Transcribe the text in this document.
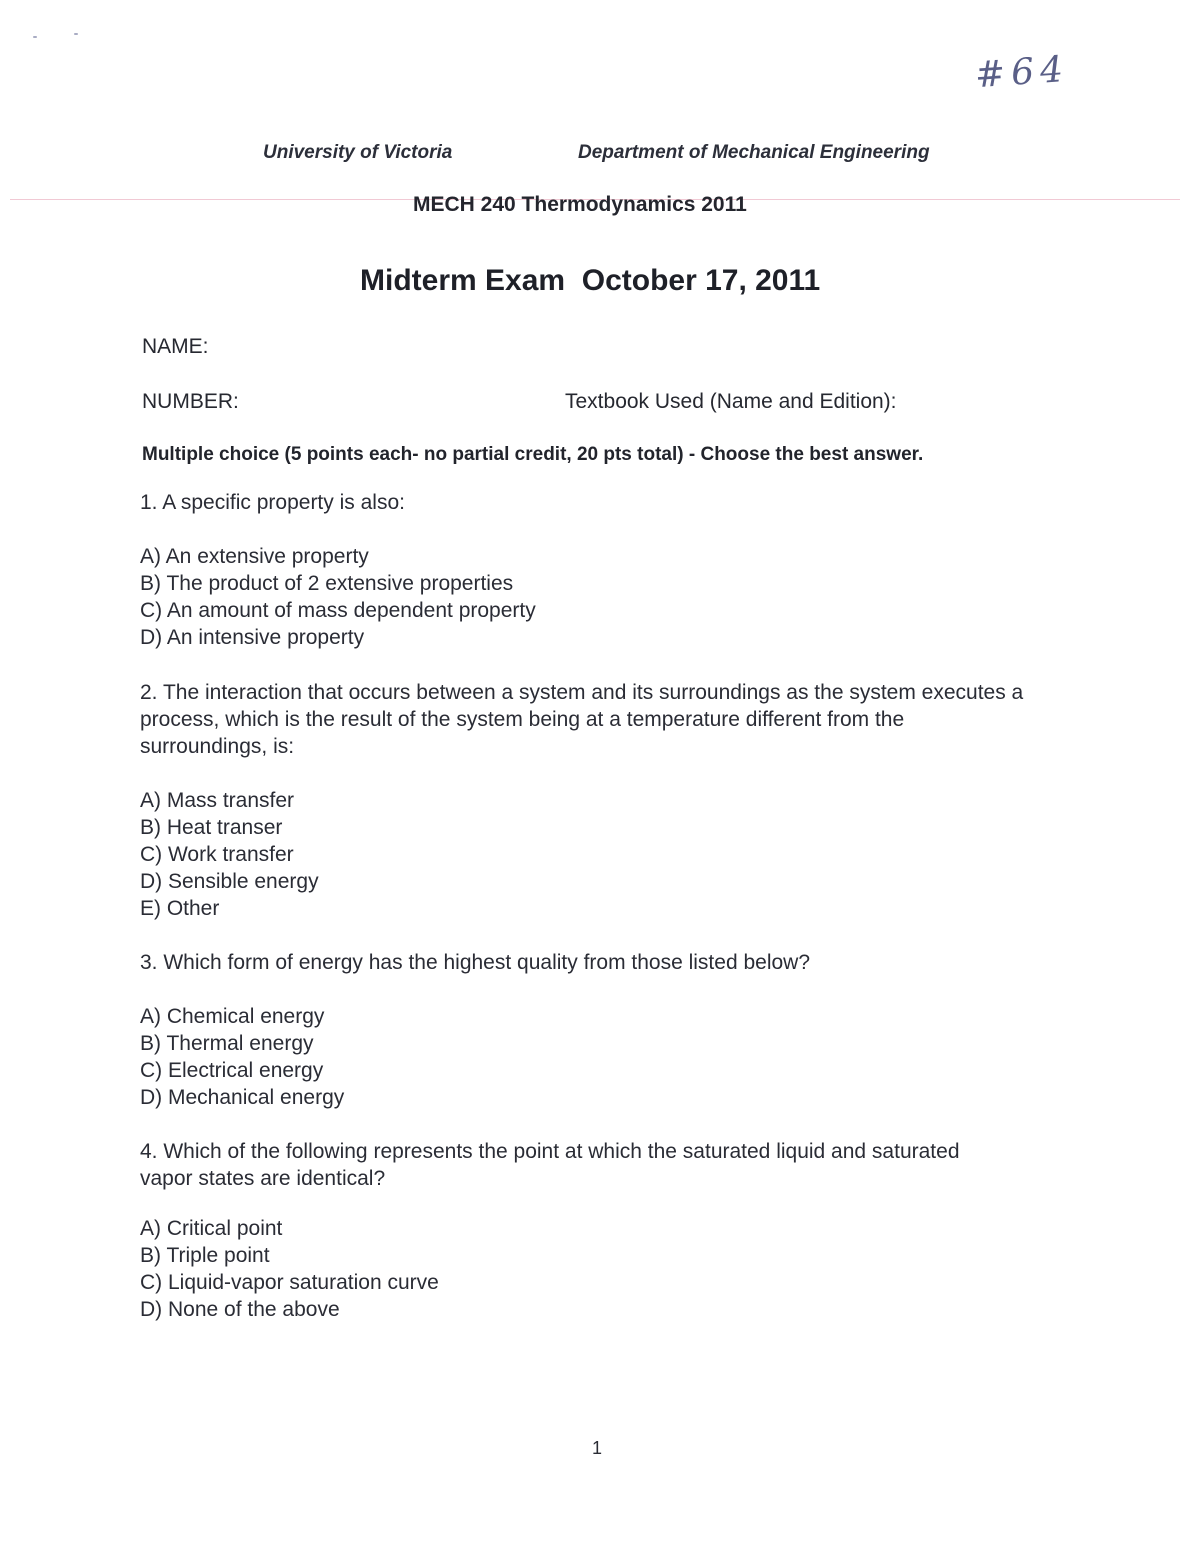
#64
University of Victoria	Department of Mechanical Engineering
MECH 240 Thermodynamics 2011
Midterm Exam  October 17, 2011
NAME:
NUMBER:	Textbook Used (Name and Edition):
Multiple choice (5 points each- no partial credit, 20 pts total) - Choose the best answer.

1. A specific property is also:

A) An extensive property
B) The product of 2 extensive properties
C) An amount of mass dependent property
D) An intensive property

2. The interaction that occurs between a system and its surroundings as the system executes a process, which is the result of the system being at a temperature different from the surroundings, is:

A) Mass transfer
B) Heat transer
C) Work transfer
D) Sensible energy
E) Other

3. Which form of energy has the highest quality from those listed below?

A) Chemical energy
B) Thermal energy
C) Electrical energy
D) Mechanical energy

4. Which of the following represents the point at which the saturated liquid and saturated vapor states are identical?

A) Critical point
B) Triple point
C) Liquid-vapor saturation curve
D) None of the above
1
